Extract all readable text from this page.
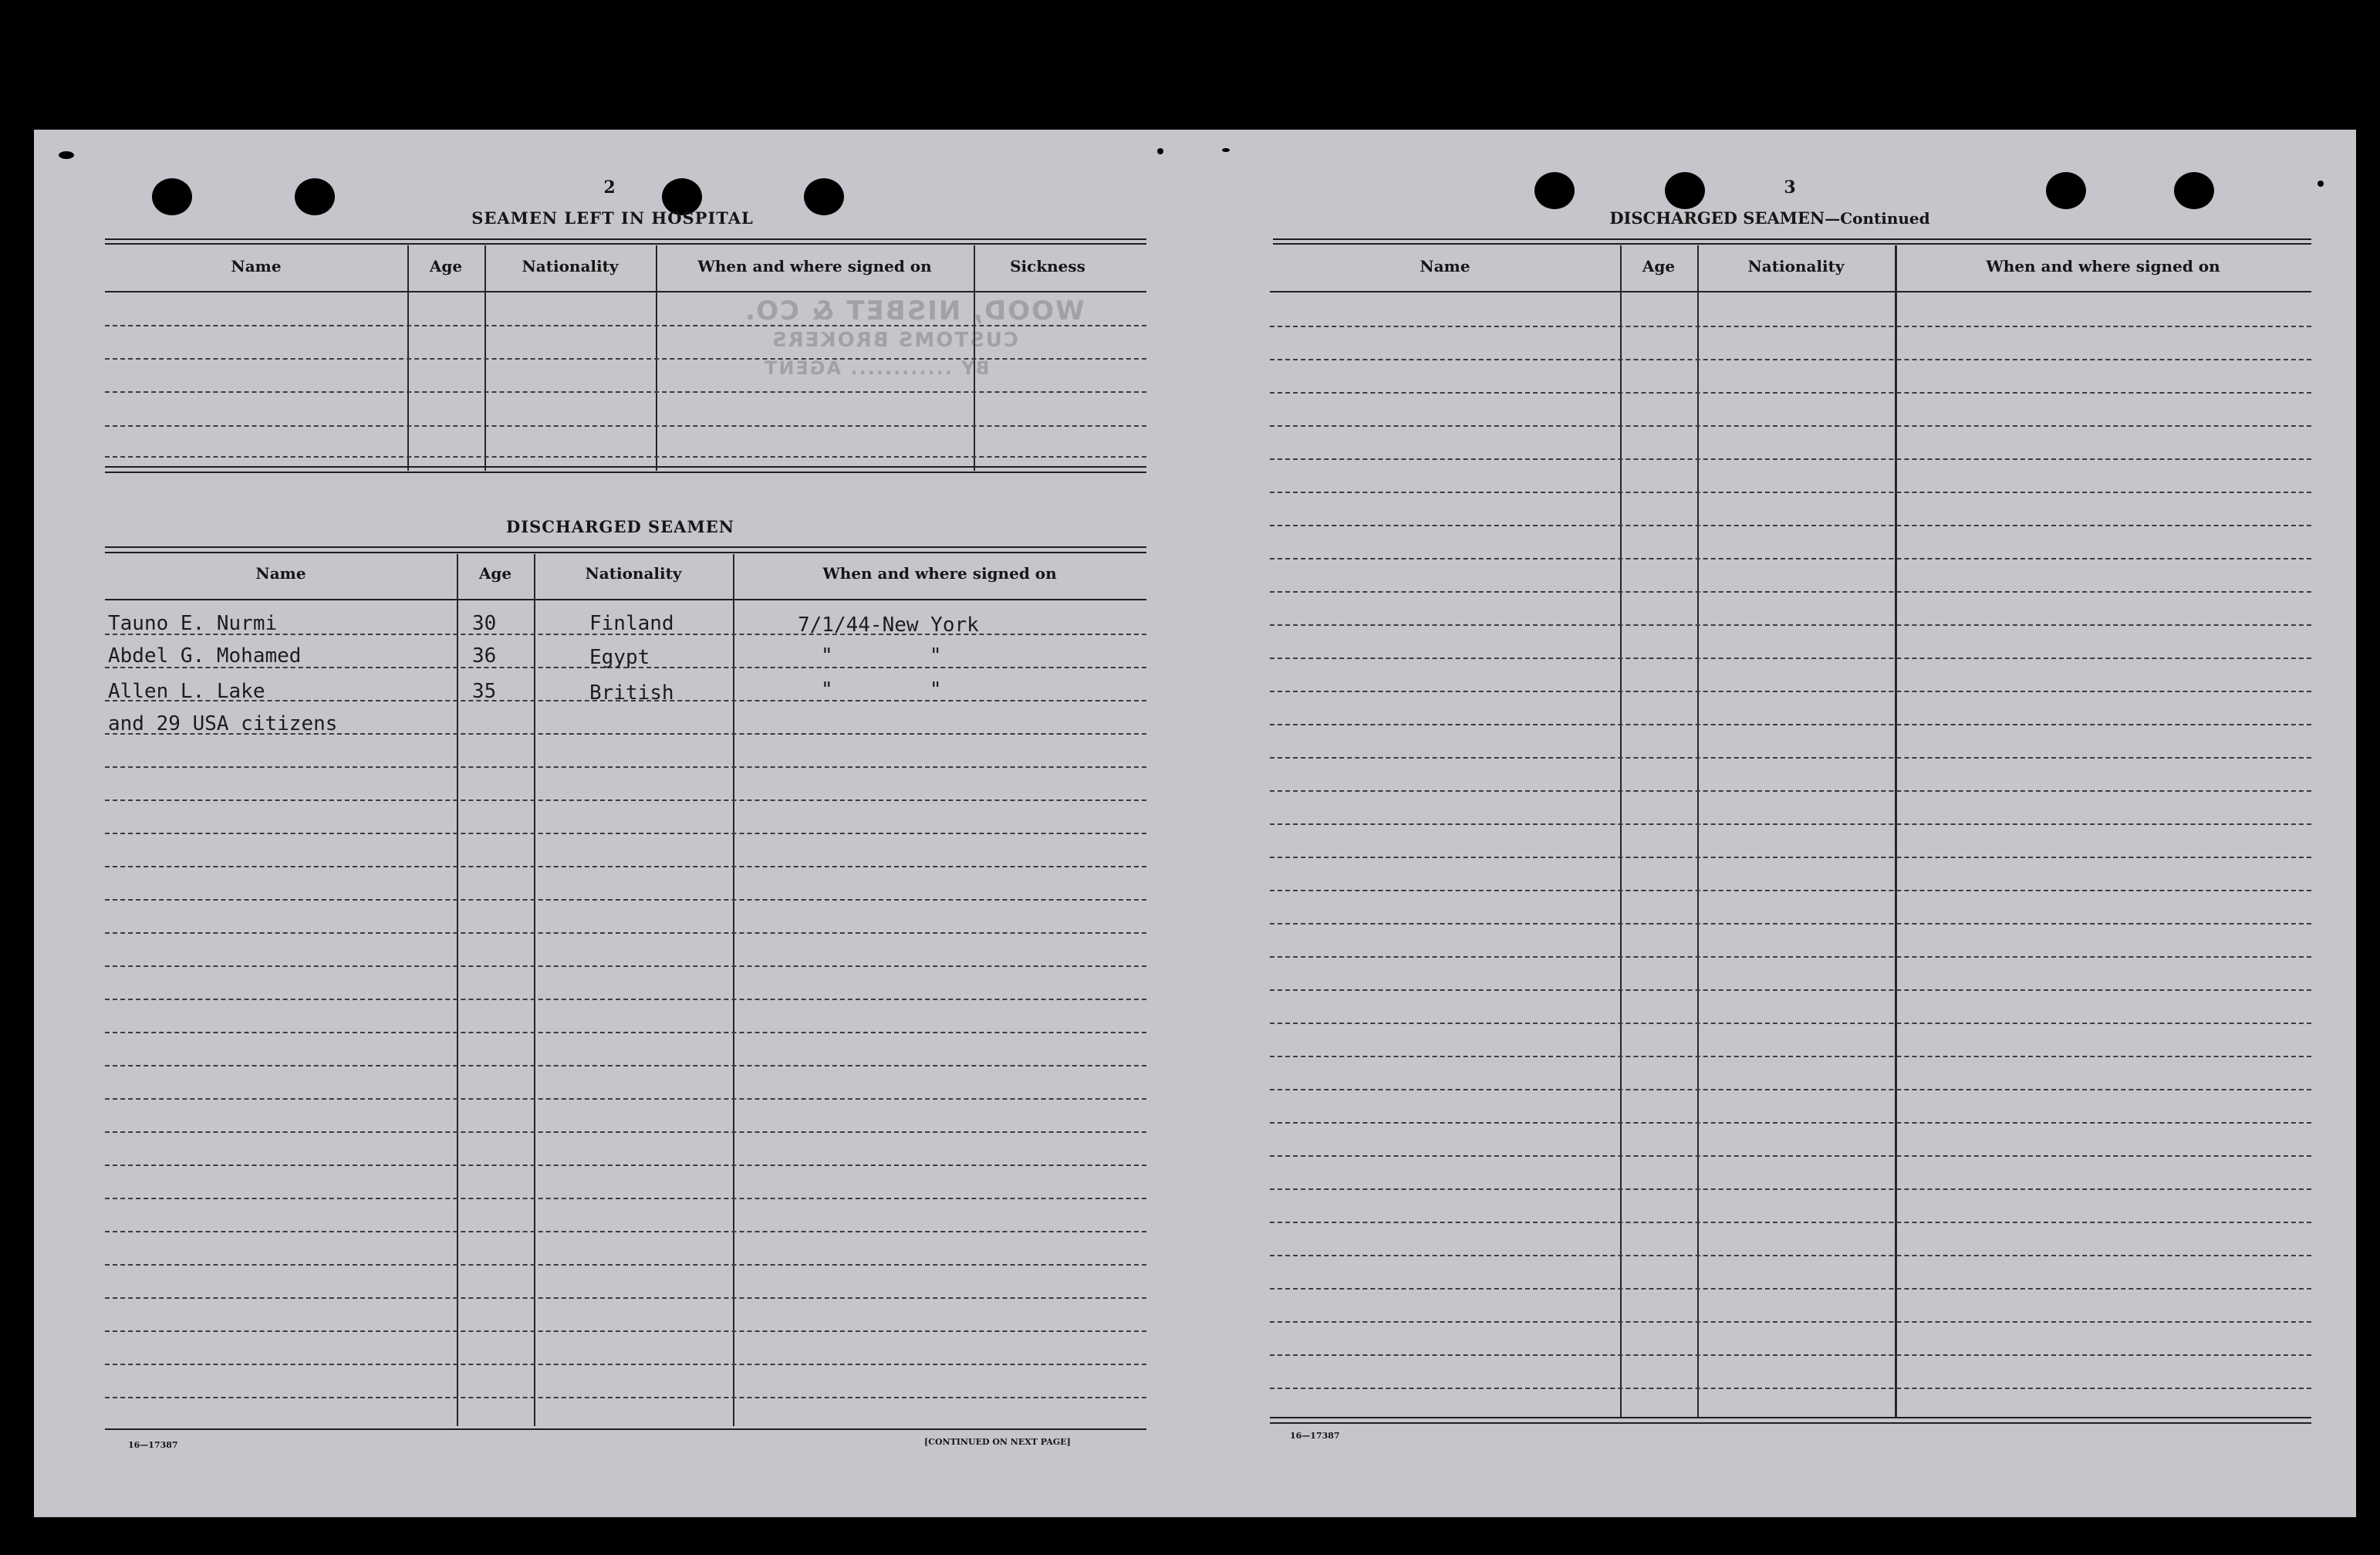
2
SEAMEN LEFT IN HOSPITAL
Name	Age	Nationality	When and where signed on	Sickness
WOOD, NISBET & CO.
CUSTOMS BROKERS
BY ............ AGENT
DISCHARGED SEAMEN
Name	Age	Nationality	When and where signed on
Tauno E. Nurmi	30	Finland	7/1/44-New York
Abdel G. Mohamed	36	Egypt	"        "
Allen L. Lake	35	British	"        "
and 29 USA citizens
16—17387	[CONTINUED ON NEXT PAGE]
3
DISCHARGED SEAMEN—Continued
Name	Age	Nationality	When and where signed on
16—17387
